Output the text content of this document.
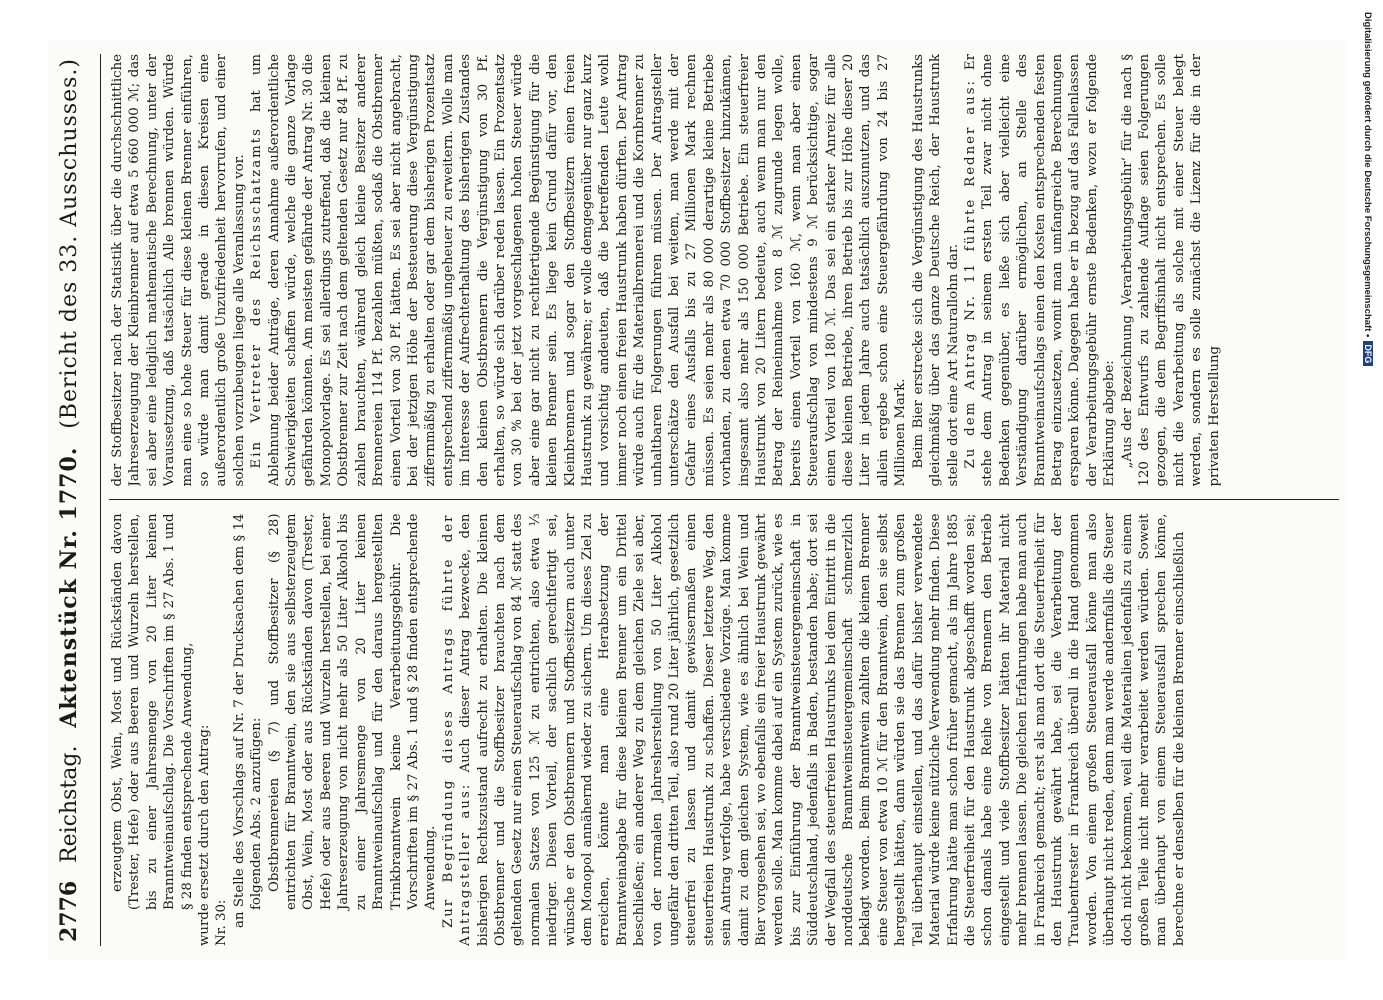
2776
Reichstag.
Aktenstück Nr. 1770.
(Bericht des 33. Ausschusses.)

erzeugtem Obst, Wein, Most und Rückständen davon (Trester, Hefe) oder aus Beeren und Wurzeln herstellen, bis zu einer Jahresmenge von 20 Liter keinen Branntweinaufschlag. Die Vorschriften im § 27 Abs. 1 und § 28 finden entsprechende Anwendung, wurde ersetzt durch den Antrag: Nr. 30: an Stelle des Vorschlags auf Nr. 7 der Drucksachen dem § 14 folgenden Abs. 2 anzufügen: Obstbrennereien (§ 7) und Stoffbesitzer (§ 28) entrichten für Branntwein, den sie aus selbsterzeugtem Obst, Wein, Most oder aus Rückständen davon (Trester, Hefe) oder aus Beeren und Wurzeln herstellen, bei einer Jahreserzeugung von nicht mehr als 50 Liter Alkohol bis zu einer Jahresmenge von 20 Liter keinen Branntweinaufschlag und für den daraus hergestellten Trinkbranntwein keine Verarbeitungsgebühr. Die Vorschriften im § 27 Abs. 1 und § 28 finden entsprechende Anwendung. Zur Begründung dieses Antrags führte der Antragsteller aus: Auch dieser Antrag bezwecke, den bisherigen Rechtszustand aufrecht zu erhalten. Die kleinen Obstbrenner und die Stoffbesitzer brauchten nach dem geltenden Gesetz nur einen Steueraufschlag von 84 ℳ statt des normalen Satzes von 125 ℳ zu entrichten, also etwa ⅓ niedriger. Diesen Vorteil, der sachlich gerechtfertigt sei, wünsche er den Obstbrennern und Stoffbesitzern auch unter dem Monopol annähernd wieder zu sichern. Um dieses Ziel zu erreichen, könnte man eine Herabsetzung der Branntweinabgabe für diese kleinen Brenner um ein Drittel beschließen; ein anderer Weg zu dem gleichen Ziele sei aber, von der normalen Jahresherstellung von 50 Liter Alkohol ungefähr den dritten Teil, also rund 20 Liter jährlich, gesetzlich steuerfrei zu lassen und damit gewissermaßen einen steuerfreien Haustrunk zu schaffen. Dieser letztere Weg, den sein Antrag verfolge, habe verschiedene Vorzüge. Man komme damit zu dem gleichen System, wie es ähnlich bei Wein und Bier vorgesehen sei, wo ebenfalls ein freier Haustrunk gewährt werden solle. Man komme dabei auf ein System zurück, wie es bis zur Einführung der Branntweinsteuergemeinschaft in Süddeutschland, jedenfalls in Baden, bestanden habe; dort sei der Wegfall des steuerfreien Haustrunks bei dem Eintritt in die norddeutsche Branntweinsteuergemeinschaft schmerzlich beklagt worden. Beim Branntwein zahlten die kleinen Brenner eine Steuer von etwa 10 ℳ für den Branntwein, den sie selbst hergestellt hätten, dann würden sie das Brennen zum großen Teil überhaupt einstellen, und das dafür bisher verwendete Material würde keine nützliche Verwendung mehr finden. Diese Erfahrung hätte man schon früher gemacht, als im Jahre 1885 die Steuerfreiheit für den Haustrunk abgeschafft worden sei; schon damals habe eine Reihe von Brennern den Betrieb eingestellt und viele Stoffbesitzer hätten ihr Material nicht mehr brennen lassen. Die gleichen Erfahrungen habe man auch in Frankreich gemacht; erst als man dort die Steuerfreiheit für den Haustrunk gewährt habe, sei die Verarbeitung der Traubentrester in Frankreich überall in die Hand genommen worden. Von einem großen Steuerausfall könne man also überhaupt nicht reden, denn man werde andernfalls die Steuer doch nicht bekommen, weil die Materialien jedenfalls zu einem großen Teile nicht mehr verarbeitet werden würden. Soweit man überhaupt von einem Steuerausfall sprechen könne, berechne er denselben für die kleinen Brenner einschließlich

der Stoffbesitzer nach der Statistik über die durchschnittliche Jahreserzeugung der Kleinbrenner auf etwa 5 660 000 ℳ; das sei aber eine lediglich mathematische Berechnung, unter der Voraussetzung, daß tatsächlich Alle brennen würden. Würde man eine so hohe Steuer für diese kleinen Brenner einführen, so würde man damit gerade in diesen Kreisen eine außerordentlich große Unzufriedenheit hervorrufen, und einer solchen vorzubeugen liege alle Veranlassung vor. Ein Vertreter des Reichsschatzamts hat um Ablehnung beider Anträge, deren Annahme außerordentliche Schwierigkeiten schaffen würde, welche die ganze Vorlage gefährden könnten. Am meisten gefährde der Antrag Nr. 30 die Monopolvorlage. Es sei allerdings zutreffend, daß die kleinen Obstbrenner zur Zeit nach dem geltenden Gesetz nur 84 Pf. zu zahlen brauchten, während gleich kleine Besitzer anderer Brennereien 114 Pf. bezahlen müßten, sodaß die Obstbrenner einen Vorteil von 30 Pf. hätten. Es sei aber nicht angebracht, bei der jetzigen Höhe der Besteuerung diese Vergünstigung ziffernmäßig zu erhalten oder gar dem bisherigen Prozentsatz entsprechend ziffernmäßig ungeheuer zu erweitern. Wolle man im Interesse der Aufrechterhaltung des bisherigen Zustandes den kleinen Obstbrennern die Vergünstigung von 30 Pf. erhalten, so würde sich darüber reden lassen. Ein Prozentsatz von 30 % bei der jetzt vorgeschlagenen hohen Steuer würde aber eine gar nicht zu rechtfertigende Begünstigung für die kleinen Brenner sein. Es liege kein Grund dafür vor, den Kleinbrennern und sogar den Stoffbesitzern einen freien Haustrunk zu gewähren; er wolle demgegenüber nur ganz kurz und vorsichtig andeuten, daß die betreffenden Leute wohl immer noch einen freien Haustrunk haben dürften. Der Antrag würde auch für die Materialbrennerei und die Kornbrenner zu unhaltbaren Folgerungen führen müssen. Der Antragsteller unterschätze den Ausfall bei weitem, man werde mit der Gefahr eines Ausfalls bis zu 27 Millionen Mark rechnen müssen. Es seien mehr als 80 000 derartige kleine Betriebe vorhanden, zu denen etwa 70 000 Stoffbesitzer hinzukämen, insgesamt also mehr als 150 000 Betriebe. Ein steuerfreier Haustrunk von 20 Litern bedeute, auch wenn man nur den Betrag der Reineinnahme von 8 ℳ zugrunde legen wolle, bereits einen Vorteil von 160 ℳ, wenn man aber einen Steueraufschlag von mindestens 9 ℳ berücksichtige, sogar einen Vorteil von 180 ℳ. Das sei ein starker Anreiz für alle diese kleinen Betriebe, ihren Betrieb bis zur Höhe dieser 20 Liter in jedem Jahre auch tatsächlich auszunutzen, und das allein ergebe schon eine Steuergefährdung von 24 bis 27 Millionen Mark. Beim Bier erstrecke sich die Vergünstigung des Haustrunks gleichmäßig über das ganze Deutsche Reich, der Haustrunk stelle dort eine Art Naturallohn dar. Zu dem Antrag Nr. 11 führte Redner aus: Er stehe dem Antrag in seinem ersten Teil zwar nicht ohne Bedenken gegenüber, es ließe sich aber vielleicht eine Verständigung darüber ermöglichen, an Stelle des Branntweinaufschlags einen den Kosten entsprechenden festen Betrag einzusetzen, womit man umfangreiche Berechnungen ersparen könne. Dagegen habe er in bezug auf das Fallenlassen der Verarbeitungsgebühr ernste Bedenken, wozu er folgende Erklärung abgebe: „Aus der Bezeichnung ‚Verarbeitungsgebühr‘ für die nach § 120 des Entwurfs zu zahlende Auflage seien Folgerungen gezogen, die dem Begriffsinhalt nicht entsprechen. Es solle nicht die Verarbeitung als solche mit einer Steuer belegt werden, sondern es solle zunächst die Lizenz für die in der privaten Herstellung

Digitalisierung gefördert durch die Deutsche Forschungsgemeinschaft •DFG
